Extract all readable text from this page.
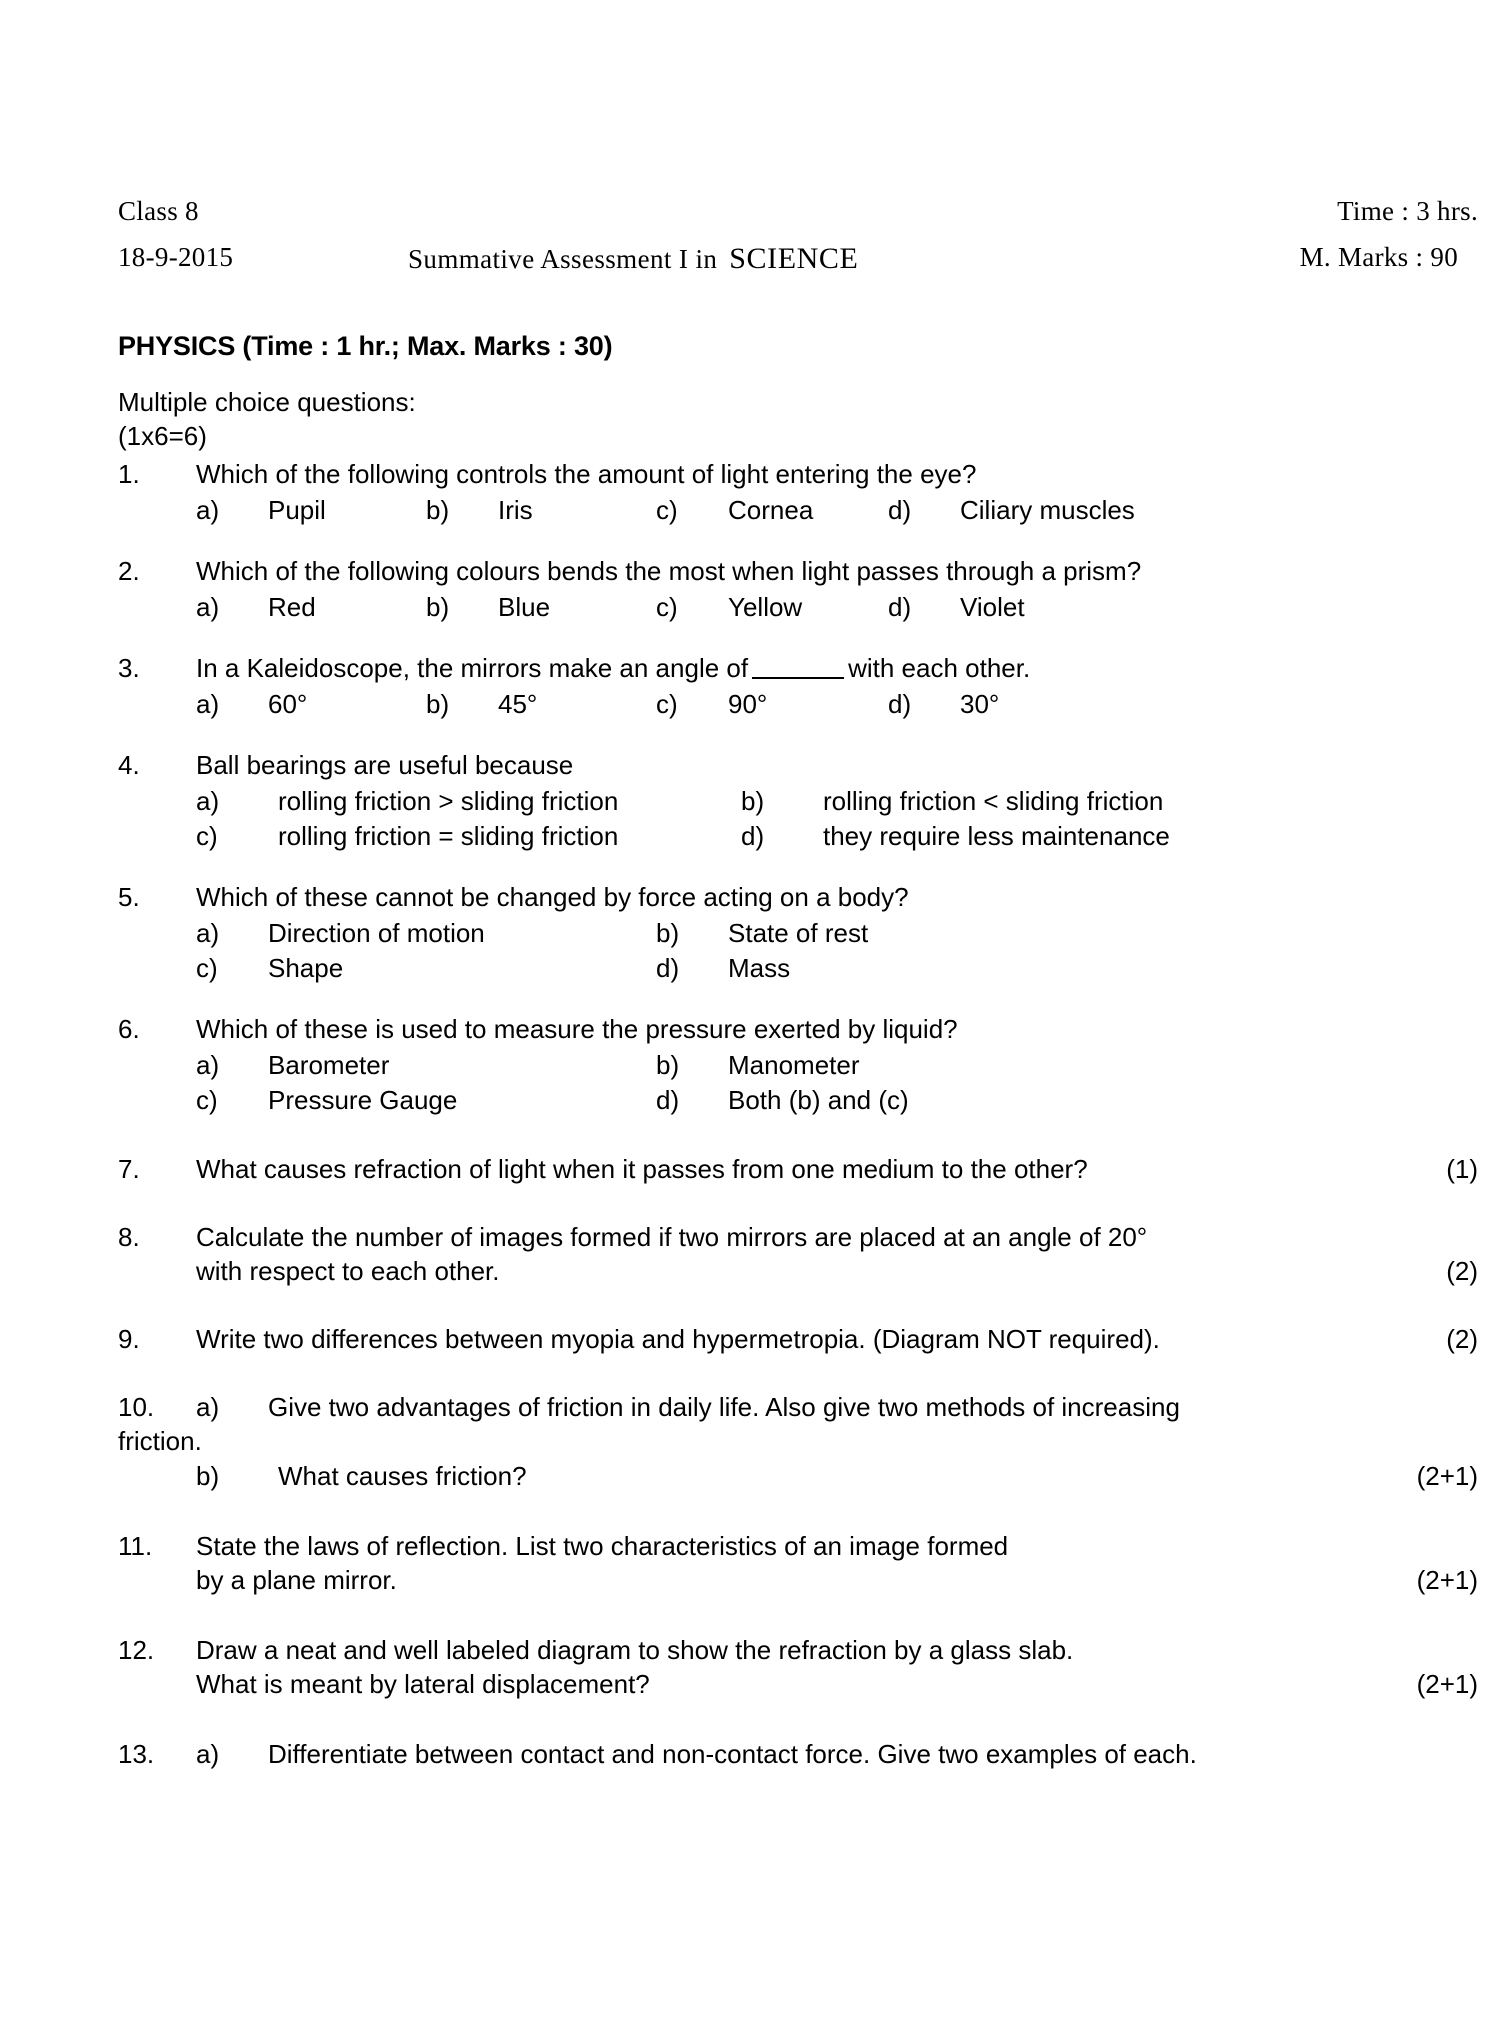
Class 8	Time : 3 hrs.
18-9-2015	Summative Assessment I in SCIENCE	M. Marks : 90
PHYSICS (Time : 1 hr.; Max. Marks : 30)
Multiple choice questions:
(1x6=6)
1.	Which of the following controls the amount of light entering the eye?
a) Pupil	b) Iris	c) Cornea	d) Ciliary muscles
2.	Which of the following colours bends the most when light passes through a prism?
a) Red	b) Blue	c) Yellow	d) Violet
3.	In a Kaleidoscope, the mirrors make an angle of	with each other.
a) 60°	b) 45°	c) 90°	d) 30°
4.	Ball bearings are useful because
a) rolling friction > sliding friction	b) rolling friction < sliding friction
c) rolling friction = sliding friction	d) they require less maintenance
5.	Which of these cannot be changed by force acting on a body?
a) Direction of motion	b) State of rest
c) Shape	d) Mass
6.	Which of these is used to measure the pressure exerted by liquid?
a) Barometer	b) Manometer
c) Pressure Gauge	d) Both (b) and (c)
7.	What causes refraction of light when it passes from one medium to the other?	(1)
8.	Calculate the number of images formed if two mirrors are placed at an angle of 20°
with respect to each other.	(2)
9.	Write two differences between myopia and hypermetropia. (Diagram NOT required).	(2)
10.	a) Give two advantages of friction in daily life. Also give two methods of increasing
friction.
b) What causes friction?	(2+1)
11.	State the laws of reflection. List two characteristics of an image formed
by a plane mirror.	(2+1)
12.	Draw a neat and well labeled diagram to show the refraction by a glass slab.
What is meant by lateral displacement?	(2+1)
13.	a) Differentiate between contact and non-contact force. Give two examples of each.
